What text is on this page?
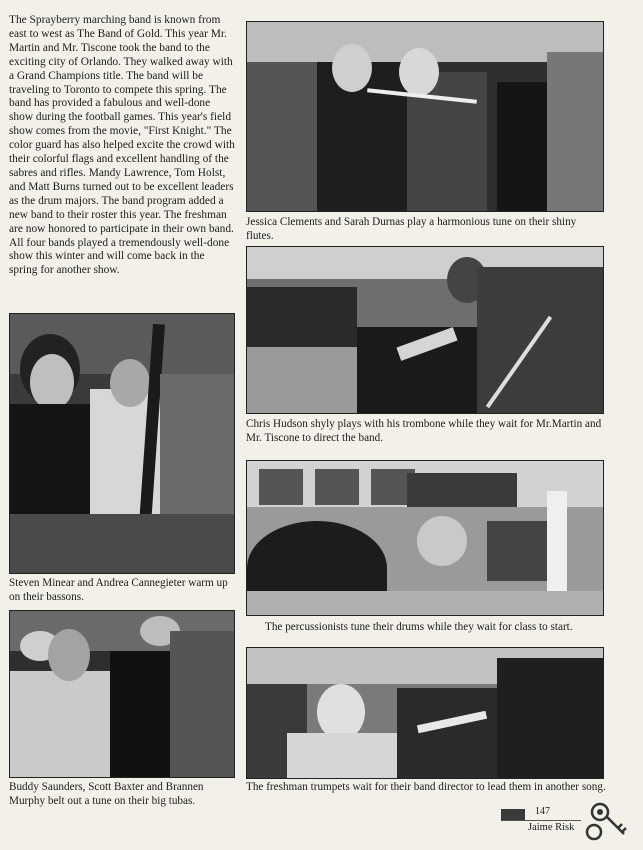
The Sprayberry marching band is known from east to west as The Band of Gold. This year Mr. Martin and Mr. Tiscone took the band to the exciting city of Orlando. They walked away with a Grand Champions title. The band will be traveling to Toronto to compete this spring. The band has provided a fabulous and well-done show during the football games. This year's field show comes from the movie, "First Knight." The color guard has also helped excite the crowd with their colorful flags and excellent handling of the sabres and rifles. Mandy Lawrence, Tom Holst, and Matt Burns turned out to be excellent leaders as the drum majors. The band program added a new band to their roster this year. The freshman are now honored to participate in their own band. All four bands played a tremendously well-done show this winter and will come back in the spring for another show.

Jessica Clements and Sarah Durnas play a harmonious tune on their shiny flutes.

Chris Hudson shyly plays with his trombone while they wait for Mr.Martin and Mr. Tiscone to direct the band.

Steven Minear and Andrea Cannegieter warm up on their bassons.

The percussionists tune their drums while they wait for class to start.

Buddy Saunders, Scott Baxter and Brannen Murphy belt out a tune on their big tubas.

The freshman trumpets wait for their band director to lead them in another song.

147
Jaime Risk
